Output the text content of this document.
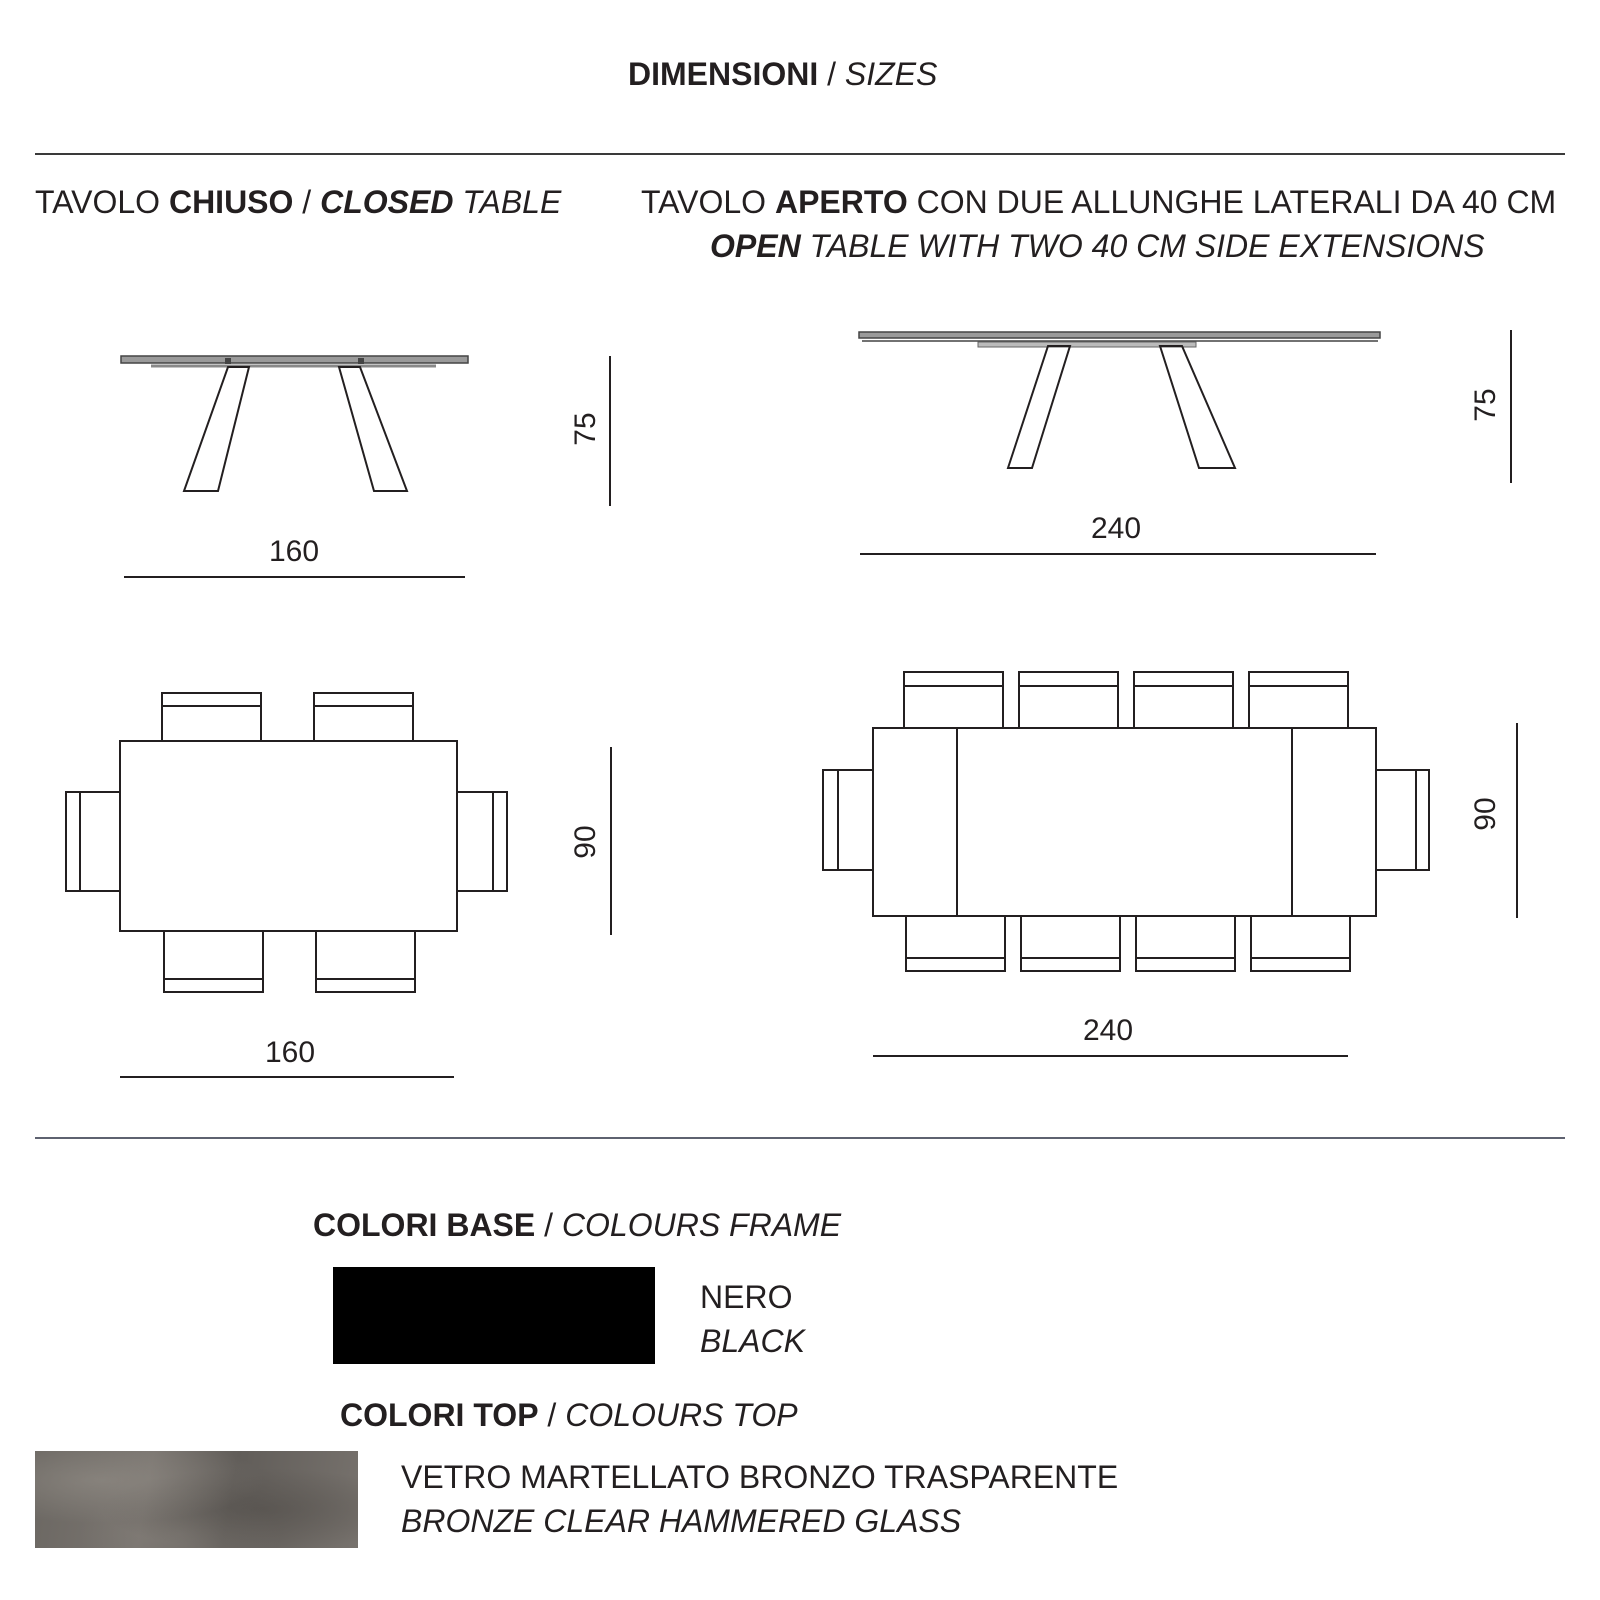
DIMENSIONI / SIZES
TAVOLO CHIUSO / CLOSED TABLE TAVOLO APERTO CON DUE ALLUNGHE LATERALI DA 40 CM
OPEN TABLE WITH TWO 40 CM SIDE EXTENSIONS
160
75
160
90
240
75
240
90
COLORI BASE / COLOURS FRAME
NERO
BLACK
COLORI TOP / COLOURS TOP
VETRO MARTELLATO BRONZO TRASPARENTE
BRONZE CLEAR HAMMERED GLASS
